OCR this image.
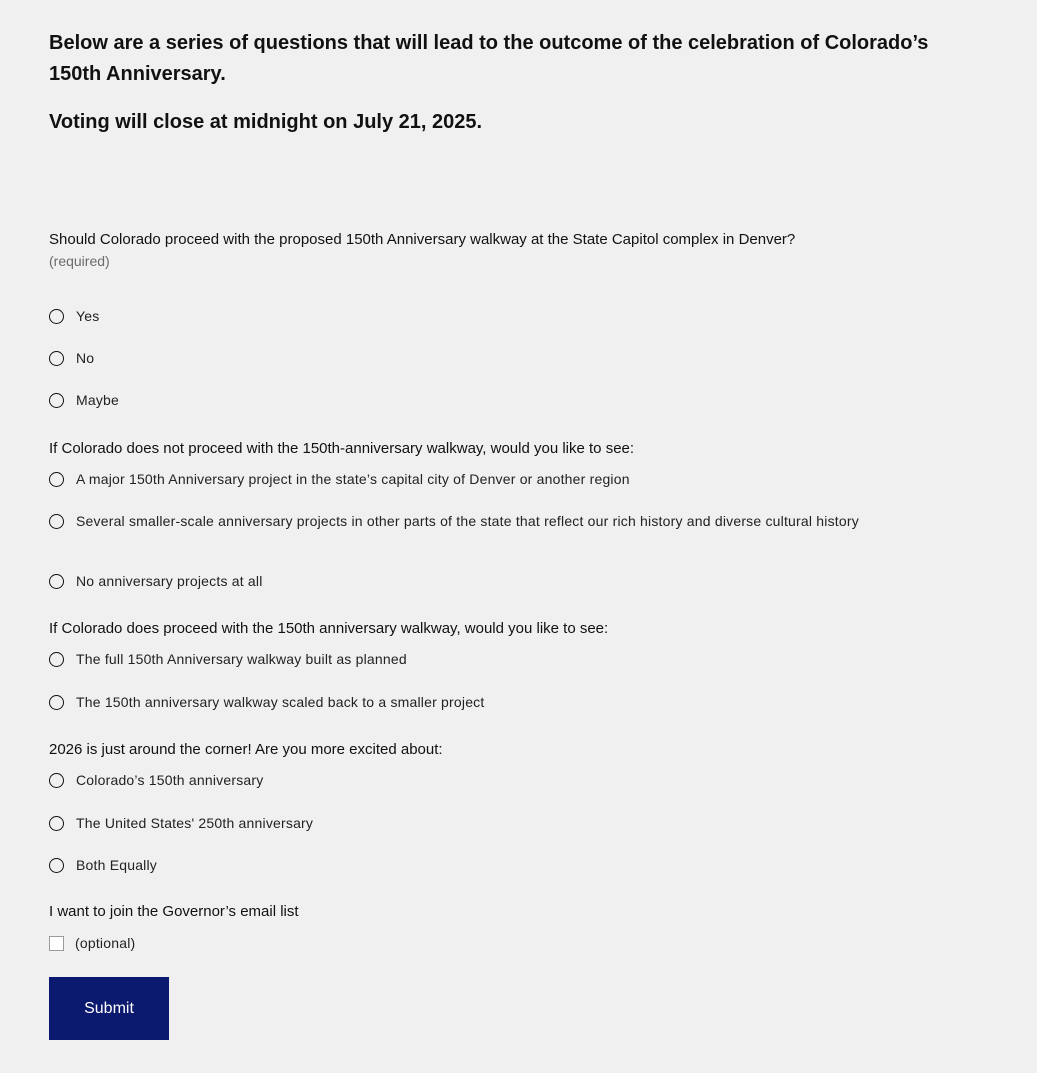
Below are a series of questions that will lead to the outcome of the celebration of Colorado’s 150th Anniversary.

Voting will close at midnight on July 21, 2025.

Should Colorado proceed with the proposed 150th Anniversary walkway at the State Capitol complex in Denver?

(required)

Yes
No
Maybe

If Colorado does not proceed with the 150th-anniversary walkway, would you like to see:

A major 150th Anniversary project in the state’s capital city of Denver or another region
Several smaller-scale anniversary projects in other parts of the state that reflect our rich history and diverse cultural history
No anniversary projects at all

If Colorado does proceed with the 150th anniversary walkway, would you like to see:

The full 150th Anniversary walkway built as planned
The 150th anniversary walkway scaled back to a smaller project

2026 is just around the corner! Are you more excited about:

Colorado’s 150th anniversary
The United States' 250th anniversary
Both Equally

I want to join the Governor’s email list

(optional)
Submit
